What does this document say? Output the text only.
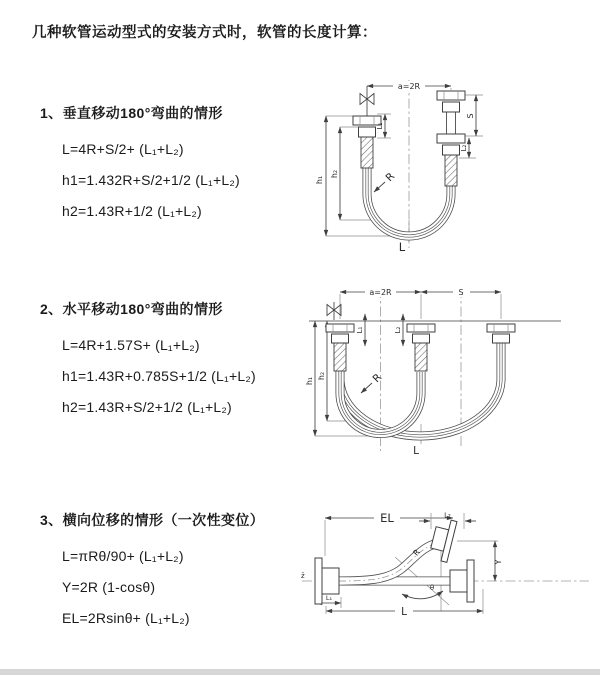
几种软管运动型式的安装方式时，软管的长度计算：
1、垂直移动180°弯曲的情形
L=4R+S/2+ (L₁+L₂)
h1=1.432R+S/2+1/2 (L₁+L₂)
h2=1.43R+1/2 (L₁+L₂)
2、水平移动180°弯曲的情形
L=4R+1.57S+ (L₁+L₂)
h1=1.43R+0.785S+1/2 (L₁+L₂)
h2=1.43R+S/2+1/2 (L₁+L₂)
3、横向位移的情形（一次性变位）
L=πRθ/90+ (L₁+L₂)
Y=2R (1-cosθ)
EL=2Rsinθ+ (L₁+L₂)
a=2R
h₁
h₂
L₁
S
L₂
R
L
a=2R	S
h₁
h₂
L₁	L₂
R
L
EL	L₂
Y
L
L₁
R
θ
z̄
